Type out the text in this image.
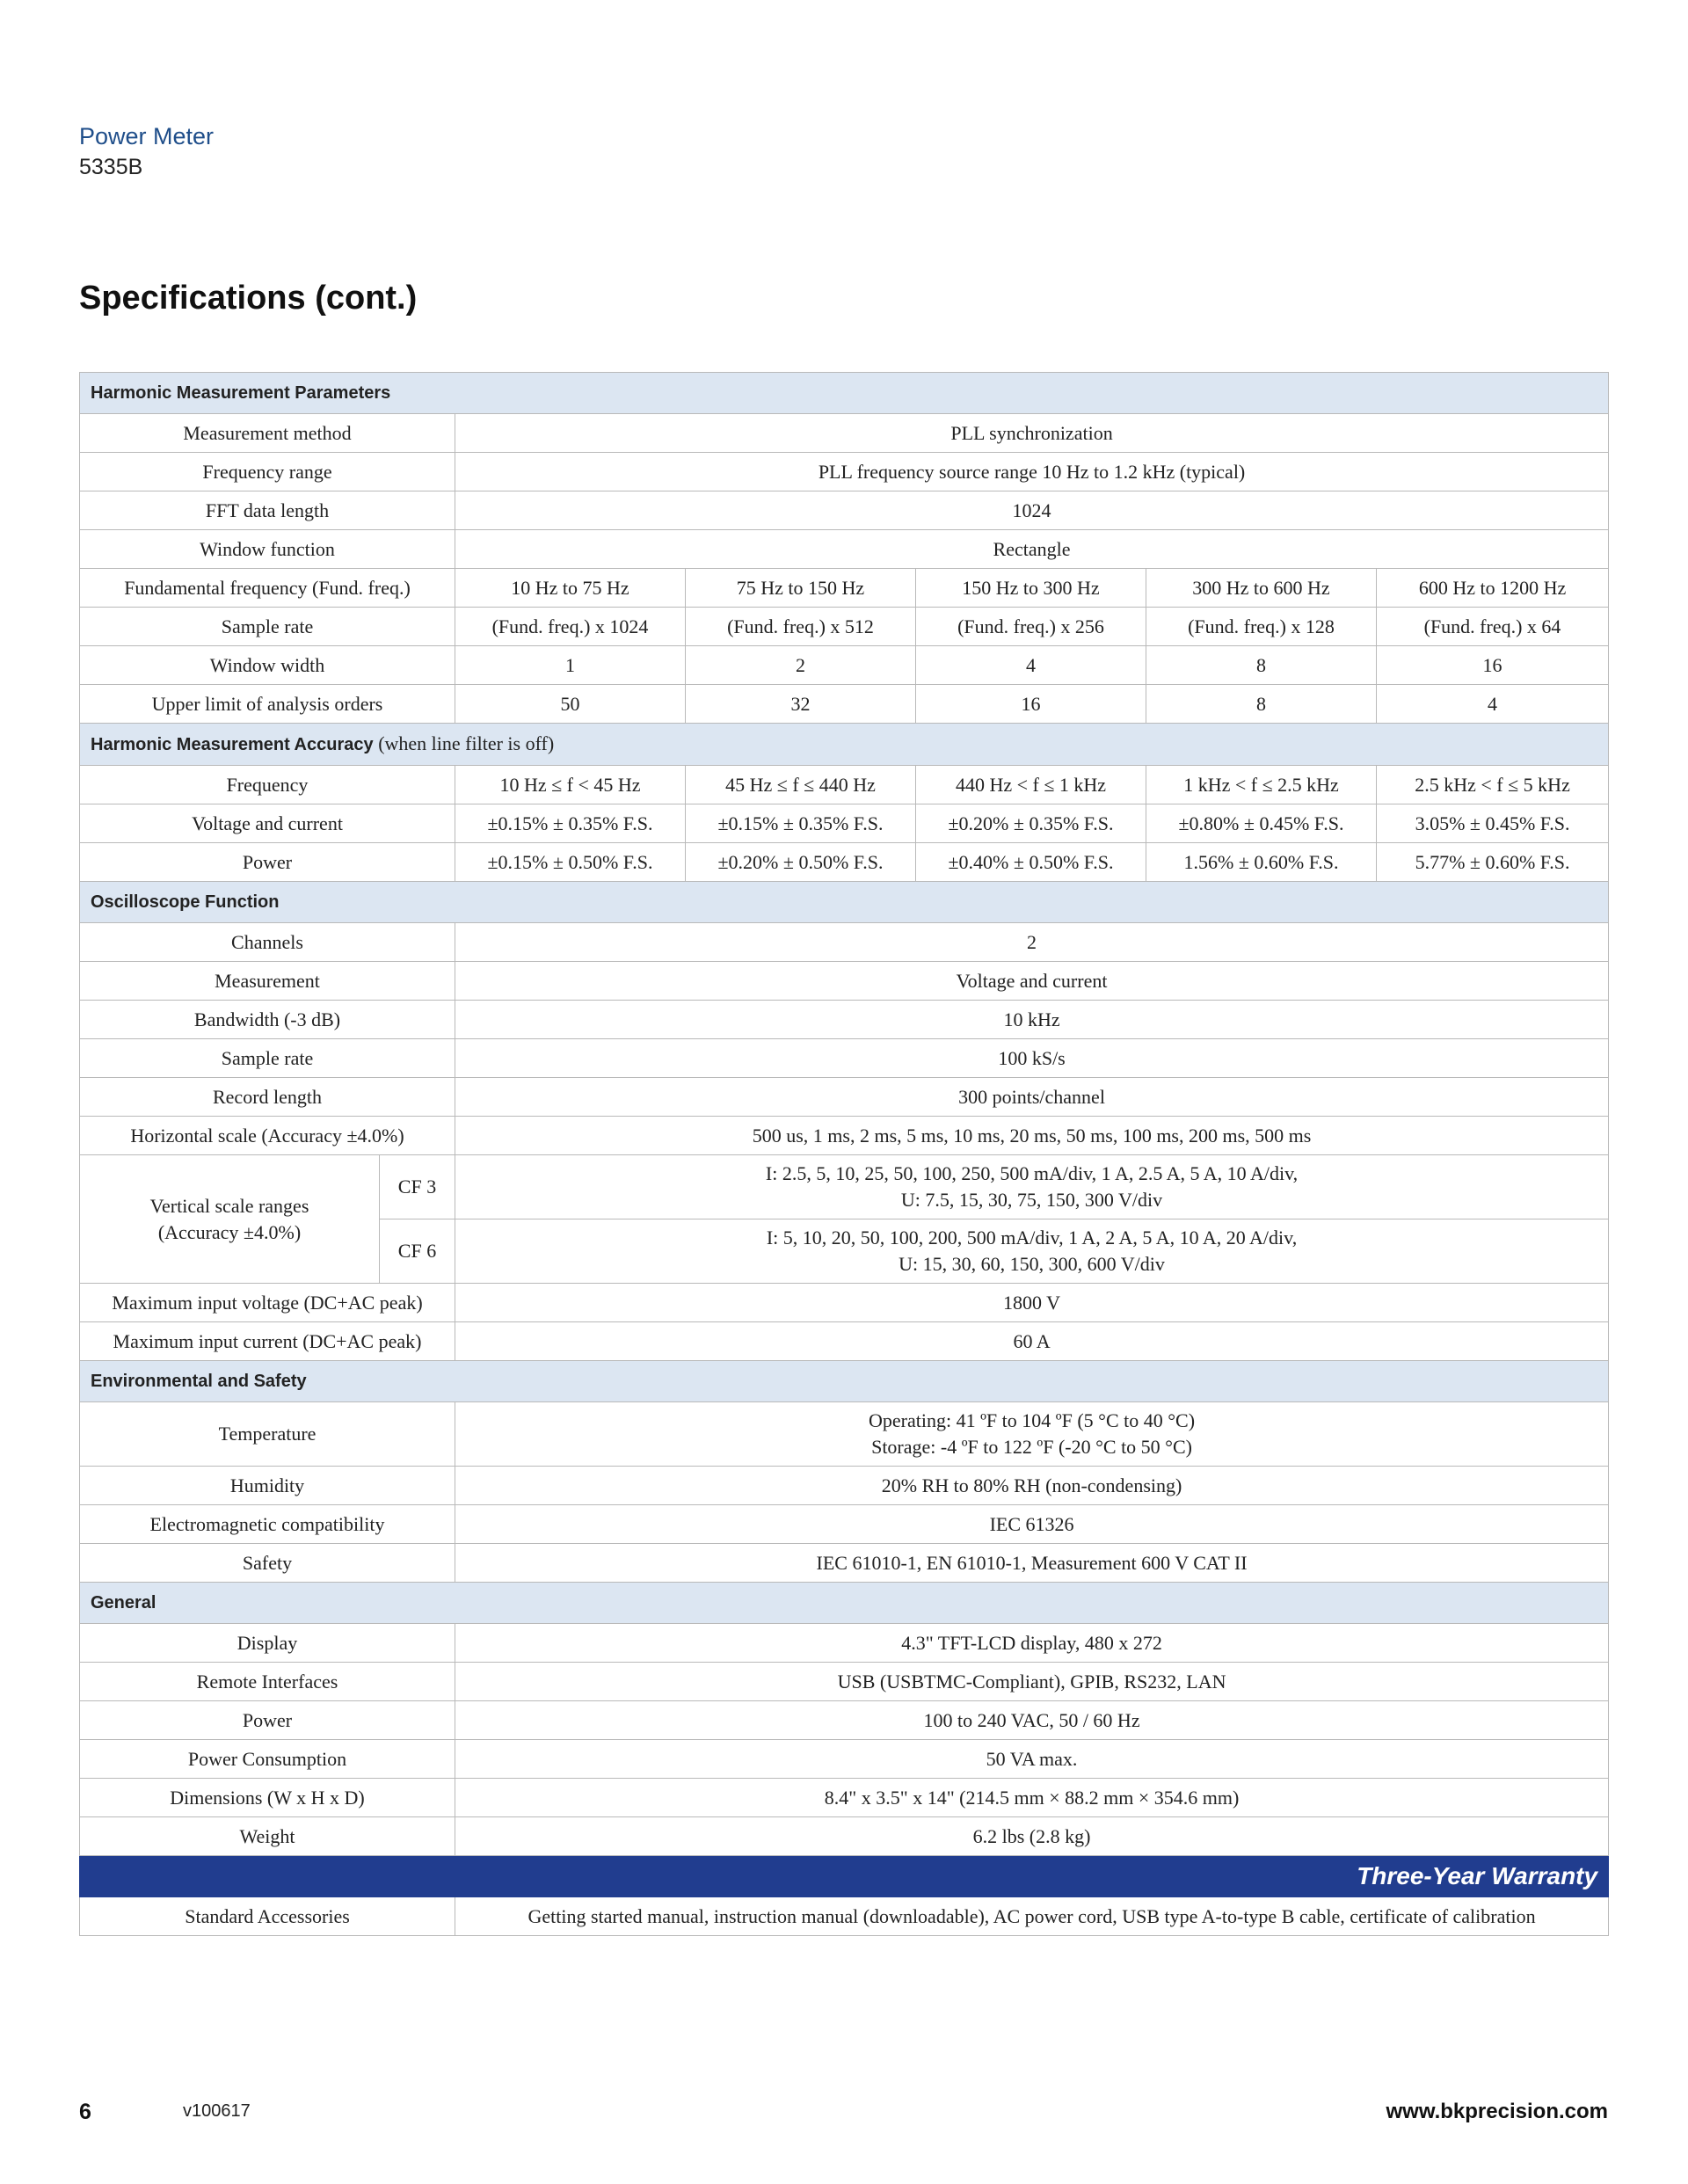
Power Meter
5335B
Specifications (cont.)
Harmonic Measurement Parameters						
Measurement method		PLL synchronization				
Frequency range		PLL frequency source range 10 Hz to 1.2 kHz (typical)				
FFT data length		1024				
Window function		Rectangle				
Fundamental frequency (Fund. freq.)		10 Hz to 75 Hz	75 Hz to 150 Hz	150 Hz to 300 Hz	300 Hz to 600 Hz	600 Hz to 1200 Hz
Sample rate		(Fund. freq.) x 1024	(Fund. freq.) x 512	(Fund. freq.) x 256	(Fund. freq.) x 128	(Fund. freq.) x 64
Window width		1	2	4	8	16
Upper limit of analysis orders		50	32	16	8	4
Harmonic Measurement Accuracy (when line filter is off)						
Frequency		10 Hz ≤ f < 45 Hz	45 Hz ≤ f ≤ 440 Hz	440 Hz < f ≤ 1 kHz	1 kHz < f ≤ 2.5 kHz	2.5 kHz < f ≤ 5 kHz
Voltage and current		±0.15% ± 0.35% F.S.	±0.15% ± 0.35% F.S.	±0.20% ± 0.35% F.S.	±0.80% ± 0.45% F.S.	3.05% ± 0.45% F.S.
Power		±0.15% ± 0.50% F.S.	±0.20% ± 0.50% F.S.	±0.40% ± 0.50% F.S.	1.56% ± 0.60% F.S.	5.77% ± 0.60% F.S.
Oscilloscope Function						
Channels		2				
Measurement		Voltage and current				
Bandwidth (-3 dB)		10 kHz				
Sample rate		100 kS/s				
Record length		300 points/channel				
Horizontal scale (Accuracy ±4.0%)		500 us, 1 ms, 2 ms, 5 ms, 10 ms, 20 ms, 50 ms, 100 ms, 200 ms, 500 ms				
Vertical scale ranges
(Accuracy ±4.0%)	CF 3	I: 2.5, 5, 10, 25, 50, 100, 250, 500 mA/div, 1 A, 2.5 A, 5 A, 10 A/div,
U: 7.5, 15, 30, 75, 150, 300 V/div				
	CF 6	I: 5, 10, 20, 50, 100, 200, 500 mA/div, 1 A, 2 A, 5 A, 10 A, 20 A/div,
U: 15, 30, 60, 150, 300, 600 V/div				
Maximum input voltage (DC+AC peak)		1800 V				
Maximum input current (DC+AC peak)		60 A				
Environmental and Safety						
Temperature		Operating: 41 ºF to 104 ºF (5 °C to 40 °C)
Storage: -4 ºF to 122 ºF (-20 °C to 50 °C)				
Humidity		20% RH to 80% RH (non-condensing)				
Electromagnetic compatibility		IEC 61326				
Safety		IEC 61010-1, EN 61010-1, Measurement 600 V CAT II				
General						
Display		4.3" TFT-LCD display, 480 x 272				
Remote Interfaces		USB (USBTMC-Compliant), GPIB, RS232, LAN				
Power		100 to 240 VAC, 50 / 60 Hz				
Power Consumption		50 VA max.				
Dimensions (W x H x D)		8.4" x 3.5" x 14" (214.5 mm × 88.2 mm × 354.6 mm)				
Weight		6.2 lbs (2.8 kg)				
Three-Year Warranty						
Standard Accessories		Getting started manual, instruction manual (downloadable), AC power cord, USB type A-to-type B cable, certificate of calibration				
6	v100617	www.bkprecision.com
